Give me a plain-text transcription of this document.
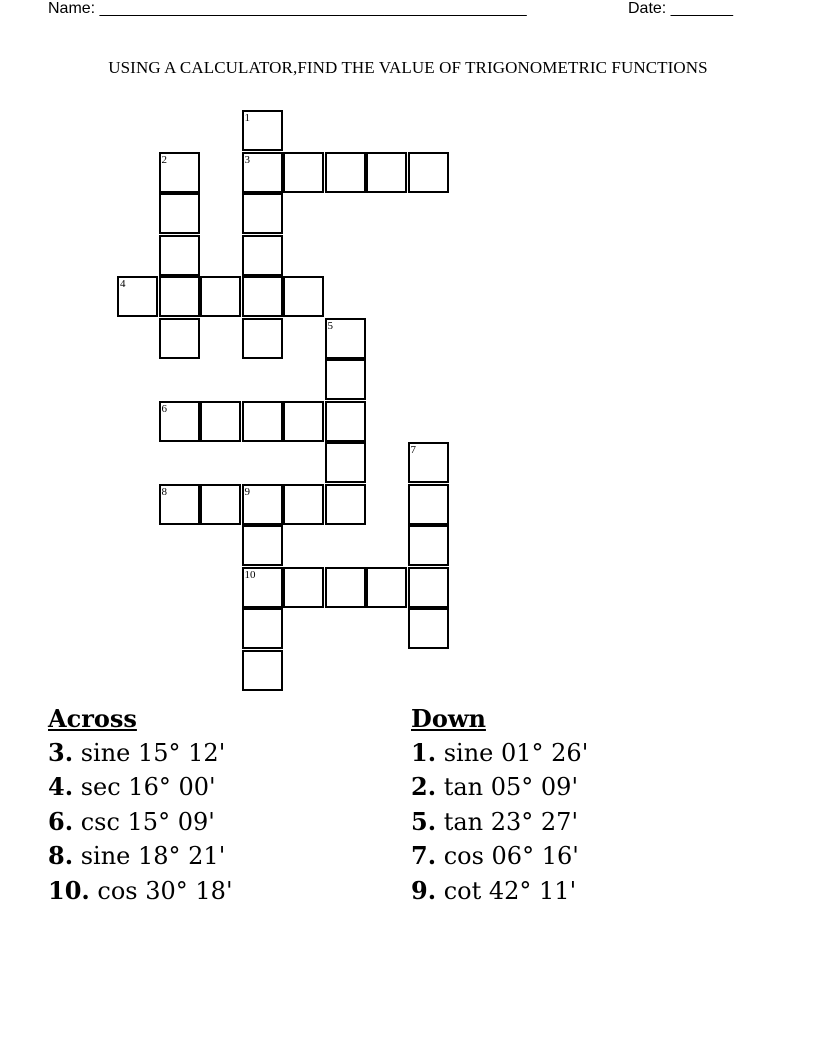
Name: ________________________________________________	Date: _______
USING A CALCULATOR,FIND THE VALUE OF TRIGONOMETRIC FUNCTIONS
1
3
2
4
5
6
7
8	9
10
Across
3. sine 15° 12'
4. sec 16° 00'
6. csc 15° 09'
8. sine 18° 21'
10. cos 30° 18'
Down
1. sine 01° 26'
2. tan 05° 09'
5. tan 23° 27'
7. cos 06° 16'
9. cot 42° 11'
